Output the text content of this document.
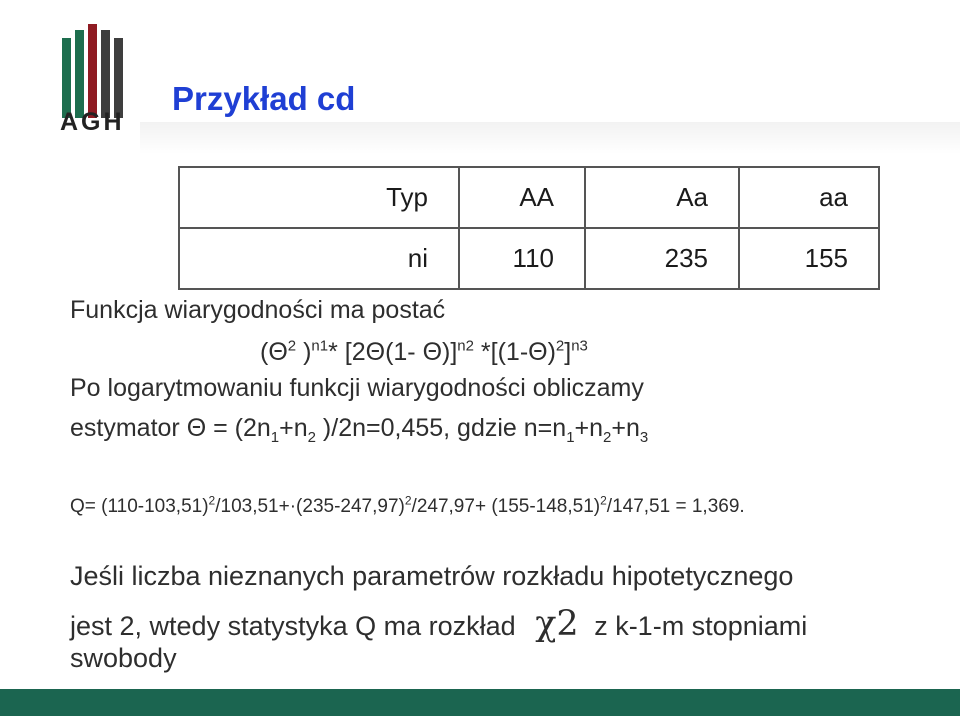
AGH
Przykład cd
Typ	AA	Aa	aa
ni	110	235	155
Funkcja wiarygodności ma postać
($\Theta^2$ )$^{n1}$* [2Θ(1- Θ)]$^{n2}$ $*[(1-\Theta)^2]^{n3}$
Po logarytmowaniu funkcji wiarygodności obliczamy
estymator $\Theta = (2n_1+n_2$ )/2n=0,455, gdzie $n=n_1+n_2+n_3$
$Q= (110-103,51)^2/103,51+\cdot(235-247,97)^2/247,97+ (155-148,51)^2/147,51 = 1,369$.
Jeśli liczba nieznanych parametrów rozkładu hipotetycznego
jest 2, wtedy statystyka Q ma rozkład χ2 z k-1-m stopniami
swobody
